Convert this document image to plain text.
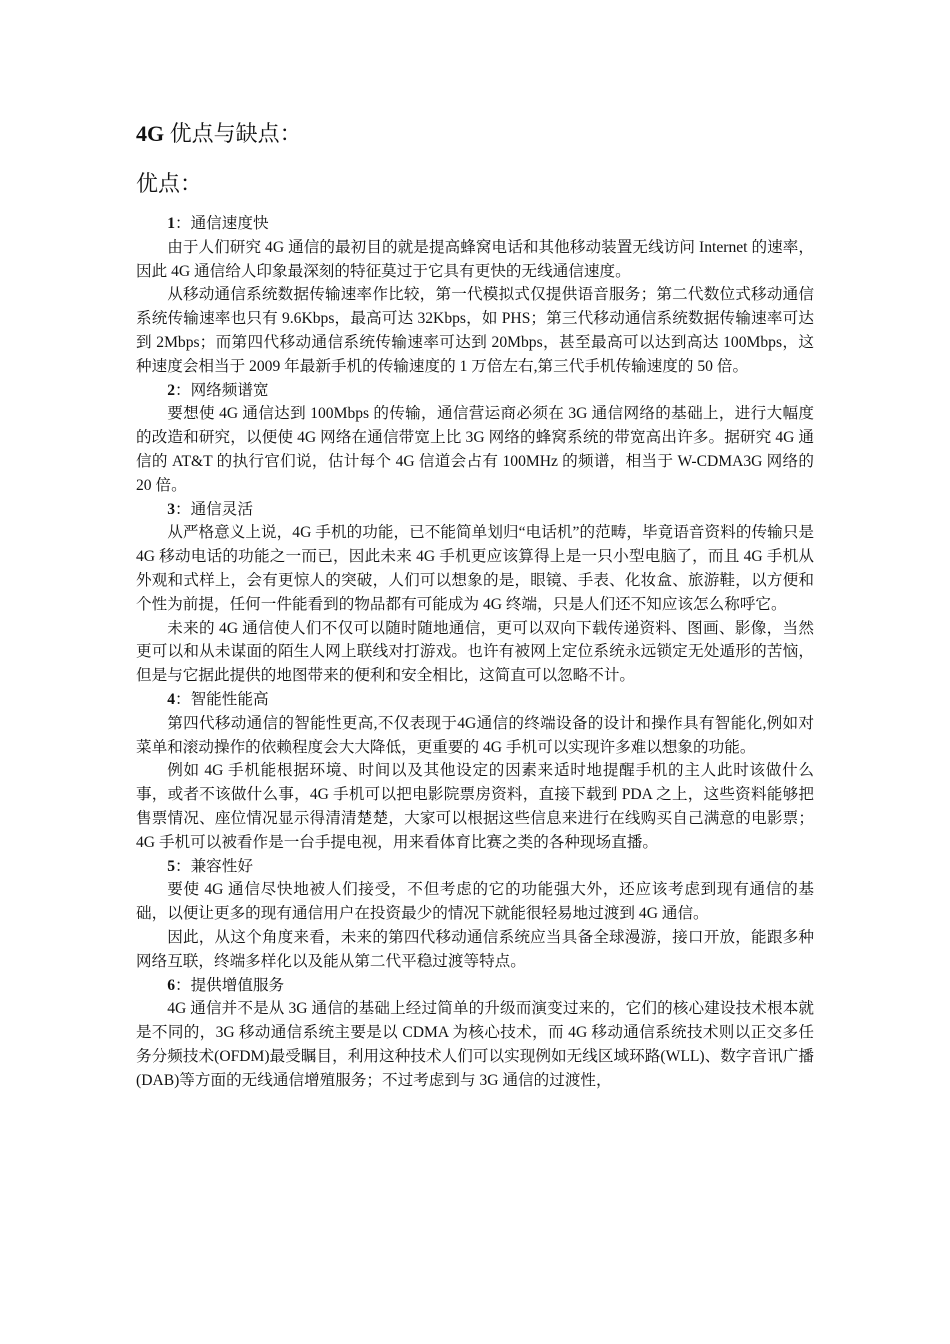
4G 优点与缺点：
优点：
1：通信速度快

由于人们研究 4G 通信的最初目的就是提高蜂窝电话和其他移动装置无线访问 Internet 的速率，因此 4G 通信给人印象最深刻的特征莫过于它具有更快的无线通信速度。

从移动通信系统数据传输速率作比较，第一代模拟式仅提供语音服务；第二代数位式移动通信系统传输速率也只有 9.6Kbps，最高可达 32Kbps，如 PHS；第三代移动通信系统数据传输速率可达到 2Mbps；而第四代移动通信系统传输速率可达到 20Mbps，甚至最高可以达到高达 100Mbps，这种速度会相当于 2009 年最新手机的传输速度的 1 万倍左右,第三代手机传输速度的 50 倍。

2：网络频谱宽

要想使 4G 通信达到 100Mbps 的传输，通信营运商必须在 3G 通信网络的基础上，进行大幅度的改造和研究，以便使 4G 网络在通信带宽上比 3G 网络的蜂窝系统的带宽高出许多。据研究 4G 通信的 AT&T 的执行官们说，估计每个 4G 信道会占有 100MHz 的频谱，相当于 W-CDMA3G 网络的 20 倍。

3：通信灵活

从严格意义上说，4G 手机的功能，已不能简单划归“电话机”的范畴，毕竟语音资料的传输只是 4G 移动电话的功能之一而已，因此未来 4G 手机更应该算得上是一只小型电脑了，而且 4G 手机从外观和式样上，会有更惊人的突破，人们可以想象的是，眼镜、手表、化妆盒、旅游鞋，以方便和个性为前提，任何一件能看到的物品都有可能成为 4G 终端，只是人们还不知应该怎么称呼它。

未来的 4G 通信使人们不仅可以随时随地通信，更可以双向下载传递资料、图画、影像，当然更可以和从未谋面的陌生人网上联线对打游戏。也许有被网上定位系统永远锁定无处遁形的苦恼，但是与它据此提供的地图带来的便利和安全相比，这简直可以忽略不计。

4：智能性能高

第四代移动通信的智能性更高,不仅表现于4G通信的终端设备的设计和操作具有智能化,例如对菜单和滚动操作的依赖程度会大大降低，更重要的 4G 手机可以实现许多难以想象的功能。

例如 4G 手机能根据环境、时间以及其他设定的因素来适时地提醒手机的主人此时该做什么事，或者不该做什么事，4G 手机可以把电影院票房资料，直接下载到 PDA 之上，这些资料能够把售票情况、座位情况显示得清清楚楚，大家可以根据这些信息来进行在线购买自己满意的电影票；4G 手机可以被看作是一台手提电视，用来看体育比赛之类的各种现场直播。

5：兼容性好

要使 4G 通信尽快地被人们接受，不但考虑的它的功能强大外，还应该考虑到现有通信的基础，以便让更多的现有通信用户在投资最少的情况下就能很轻易地过渡到 4G 通信。

因此，从这个角度来看，未来的第四代移动通信系统应当具备全球漫游，接口开放，能跟多种网络互联，终端多样化以及能从第二代平稳过渡等特点。

6：提供增值服务

4G 通信并不是从 3G 通信的基础上经过简单的升级而演变过来的，它们的核心建设技术根本就是不同的，3G 移动通信系统主要是以 CDMA 为核心技术，而 4G 移动通信系统技术则以正交多任务分频技术(OFDM)最受瞩目，利用这种技术人们可以实现例如无线区域环路(WLL)、数字音讯广播(DAB)等方面的无线通信增殖服务；不过考虑到与 3G 通信的过渡性，
